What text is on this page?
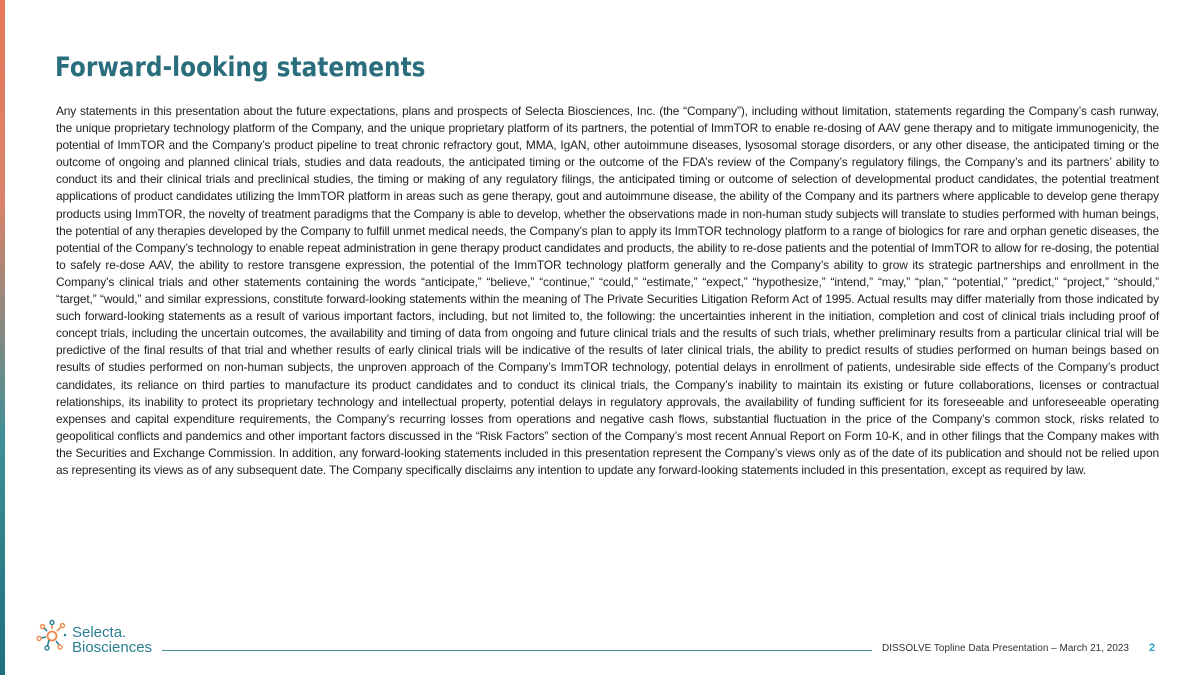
Forward-looking statements

Any statements in this presentation about the future expectations, plans and prospects of Selecta Biosciences, Inc. (the “Company”), including without limitation, statements regarding the Company’s cash runway, the unique proprietary technology platform of the Company, and the unique proprietary platform of its partners, the potential of ImmTOR to enable re-dosing of AAV gene therapy and to mitigate immunogenicity, the potential of ImmTOR and the Company’s product pipeline to treat chronic refractory gout, MMA, IgAN, other autoimmune diseases, lysosomal storage disorders, or any other disease, the anticipated timing or the outcome of ongoing and planned clinical trials, studies and data readouts, the anticipated timing or the outcome of the FDA’s review of the Company’s regulatory filings, the Company’s and its partners’ ability to conduct its and their clinical trials and preclinical studies, the timing or making of any regulatory filings, the anticipated timing or outcome of selection of developmental product candidates, the potential treatment applications of product candidates utilizing the ImmTOR platform in areas such as gene therapy, gout and autoimmune disease, the ability of the Company and its partners where applicable to develop gene therapy products using ImmTOR, the novelty of treatment paradigms that the Company is able to develop, whether the observations made in non-human study subjects will translate to studies performed with human beings, the potential of any therapies developed by the Company to fulfill unmet medical needs, the Company’s plan to apply its ImmTOR technology platform to a range of biologics for rare and orphan genetic diseases, the potential of the Company’s technology to enable repeat administration in gene therapy product candidates and products, the ability to re-dose patients and the potential of ImmTOR to allow for re-dosing, the potential to safely re-dose AAV, the ability to restore transgene expression, the potential of the ImmTOR technology platform generally and the Company’s ability to grow its strategic partnerships and enrollment in the Company’s clinical trials and other statements containing the words “anticipate,” “believe,” “continue,” “could,” “estimate,” “expect,” “hypothesize,” “intend,” “may,” “plan,” “potential,” “predict,” “project,” “should,” “target,” “would,” and similar expressions, constitute forward-looking statements within the meaning of The Private Securities Litigation Reform Act of 1995. Actual results may differ materially from those indicated by such forward-looking statements as a result of various important factors, including, but not limited to, the following: the uncertainties inherent in the initiation, completion and cost of clinical trials including proof of concept trials, including the uncertain outcomes, the availability and timing of data from ongoing and future clinical trials and the results of such trials, whether preliminary results from a particular clinical trial will be predictive of the final results of that trial and whether results of early clinical trials will be indicative of the results of later clinical trials, the ability to predict results of studies performed on human beings based on results of studies performed on non-human subjects, the unproven approach of the Company’s ImmTOR technology, potential delays in enrollment of patients, undesirable side effects of the Company’s product candidates, its reliance on third parties to manufacture its product candidates and to conduct its clinical trials, the Company’s inability to maintain its existing or future collaborations, licenses or contractual relationships, its inability to protect its proprietary technology and intellectual property, potential delays in regulatory approvals, the availability of funding sufficient for its foreseeable and unforeseeable operating expenses and capital expenditure requirements, the Company’s recurring losses from operations and negative cash flows, substantial fluctuation in the price of the Company’s common stock, risks related to geopolitical conflicts and pandemics and other important factors discussed in the “Risk Factors” section of the Company’s most recent Annual Report on Form 10-K, and in other filings that the Company makes with the Securities and Exchange Commission. In addition, any forward-looking statements included in this presentation represent the Company’s views only as of the date of its publication and should not be relied upon as representing its views as of any subsequent date. The Company specifically disclaims any intention to update any forward-looking statements included in this presentation, except as required by law.

Selecta.
Biosciences	DISSOLVE Topline Data Presentation – March 21, 2023 2
